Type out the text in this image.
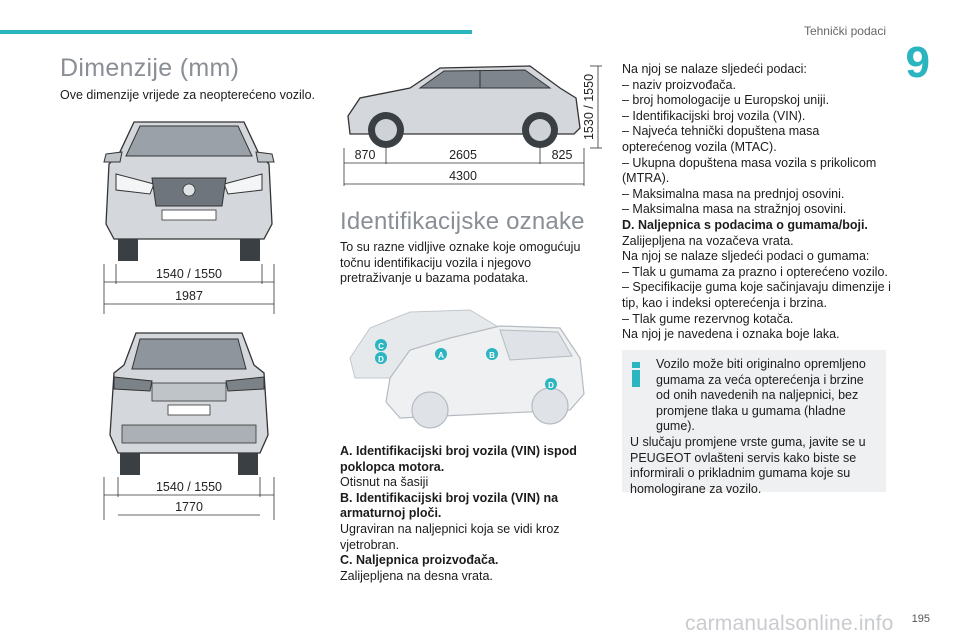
Tehnički podaci
9
Dimenzije (mm)
Ove dimenzije vrijede za neopterećeno vozilo.
1540 / 1550
1987
1540 / 1550
1770
1530 / 1550
870	2605	825
4300
Identifikacijske oznake
To su razne vidljive oznake koje omogućuju točnu identifikaciju vozila i njegovo pretraživanje u bazama podataka.
C
D	A	B
D
A. Identifikacijski broj vozila (VIN) ispod poklopca motora.
Otisnut na šasiji
B. Identifikacijski broj vozila (VIN) na armaturnoj ploči.
Ugraviran na naljepnici koja se vidi kroz vjetrobran.
C. Naljepnica proizvođača.
Zalijepljena na desna vrata.
Na njoj se nalaze sljedeći podaci:
– naziv proizvođača.
– broj homologacije u Europskoj uniji.
– Identifikacijski broj vozila (VIN).
– Najveća tehnički dopuštena masa opterećenog vozila (MTAC).
– Ukupna dopuštena masa vozila s prikolicom (MTRA).
– Maksimalna masa na prednjoj osovini.
– Maksimalna masa na stražnjoj osovini.
D. Naljepnica s podacima o gumama/boji.
Zalijepljena na vozačeva vrata.
Na njoj se nalaze sljedeći podaci o gumama:
– Tlak u gumama za prazno i opterećeno vozilo.
– Specifikacije guma koje sačinjavaju dimenzije i tip, kao i indeksi opterećenja i brzina.
– Tlak gume rezervnog kotača.
Na njoj je navedena i oznaka boje laka.
Vozilo može biti originalno opremljeno gumama za veća opterećenja i brzine od onih navedenih na naljepnici, bez promjene tlaka u gumama (hladne gume).
U slučaju promjene vrste guma, javite se u PEUGEOT ovlašteni servis kako biste se informirali o prikladnim gumama koje su homologirane za vozilo.
carmanualsonline.info 195
